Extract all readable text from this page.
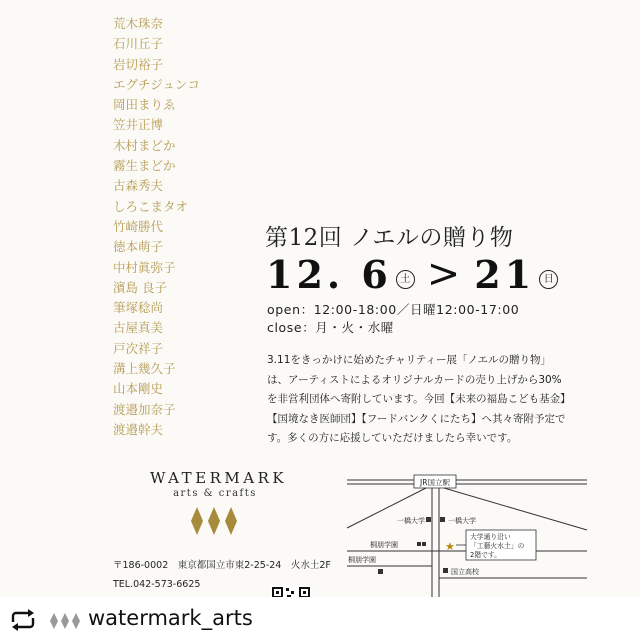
荒木珠奈
石川丘子
岩切裕子
エグチジュンコ
岡田まりゑ
笠井正博
木村まどか
霧生まどか
古森秀夫
しろこまタオ
竹崎勝代
徳本萌子
中村眞弥子
濱島 良子
筆塚稔尚
古屋真美
戸次祥子
溝上幾久子
山本剛史
渡邉加奈子
渡邉幹夫
第12回 ノエルの贈り物
12. 6 土 > 21 日
open：12:00-18:00／日曜12:00-17:00
close：月・火・水曜

3.11をきっかけに始めたチャリティー展「ノエルの贈り物」は、アーティストによるオリジナルカードの売り上げから30%を非営利団体へ寄附しています。今回【未来の福島こども基金】【国境なき医師団】【フードバンクくにたち】へ其々寄附予定です。多くの方に応援していただけましたら幸いです。

WATERMARK
arts & crafts
〒186-0002　東京都国立市東2-25-24　火水土2F
TEL.042-573-6625
JR国立駅
一橋大学	一橋大学
桐朋学園
桐朋学園
★
大学通り沿い
「工藝火水土」の
2階です。
国立高校
watermark_arts
